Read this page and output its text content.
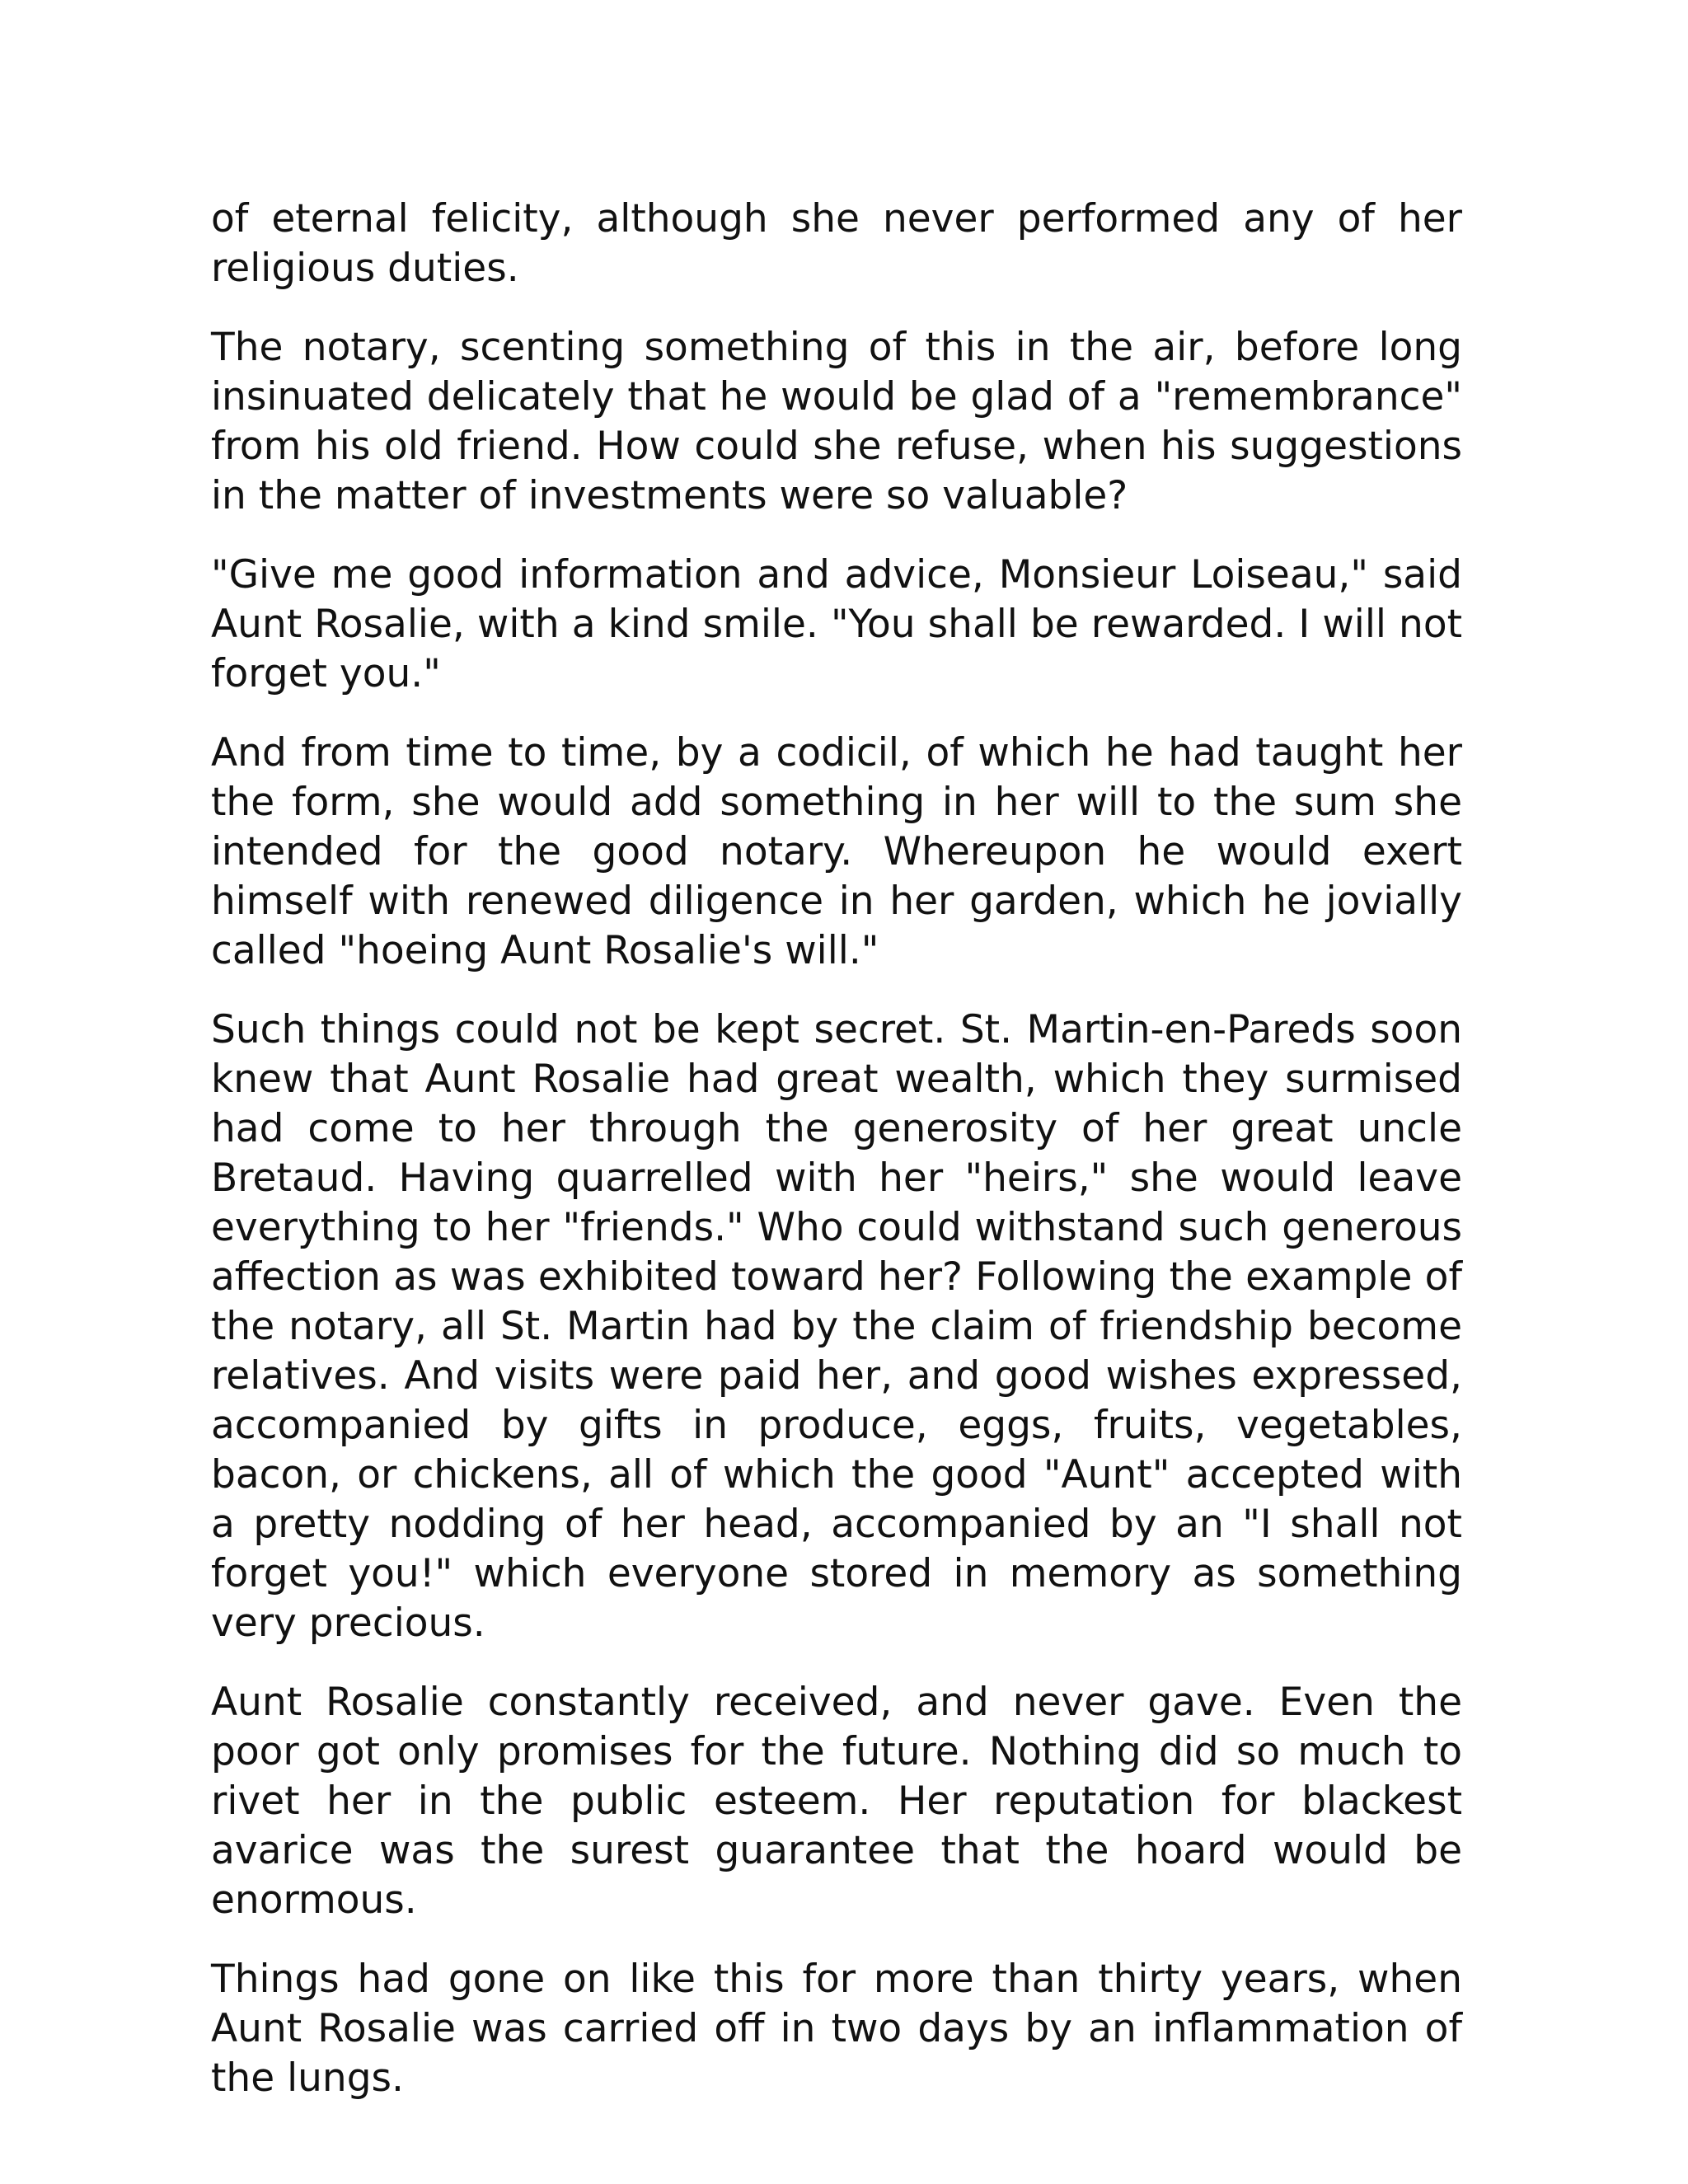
of eternal felicity, although she never performed any of her religious duties.

The notary, scenting something of this in the air, before long insinuated delicately that he would be glad of a "remembrance" from his old friend. How could she refuse, when his suggestions in the matter of investments were so valuable?

"Give me good information and advice, Monsieur Loiseau," said Aunt Rosalie, with a kind smile. "You shall be rewarded. I will not forget you."

And from time to time, by a codicil, of which he had taught her the form, she would add something in her will to the sum she intended for the good notary. Whereupon he would exert himself with renewed diligence in her garden, which he jovially called "hoeing Aunt Rosalie's will."

Such things could not be kept secret. St. Martin-en-Pareds soon knew that Aunt Rosalie had great wealth, which they surmised had come to her through the generosity of her great uncle Bretaud. Having quarrelled with her "heirs," she would leave everything to her "friends." Who could withstand such generous affection as was exhibited toward her? Following the example of the notary, all St. Martin had by the claim of friendship become relatives. And visits were paid her, and good wishes expressed, accompanied by gifts in produce, eggs, fruits, vegetables, bacon, or chickens, all of which the good "Aunt" accepted with a pretty nodding of her head, accompanied by an "I shall not forget you!" which everyone stored in memory as something very precious.

Aunt Rosalie constantly received, and never gave. Even the poor got only promises for the future. Nothing did so much to rivet her in the public esteem. Her reputation for blackest avarice was the surest guarantee that the hoard would be enormous.

Things had gone on like this for more than thirty years, when Aunt Rosalie was carried off in two days by an inflammation of the lungs.
